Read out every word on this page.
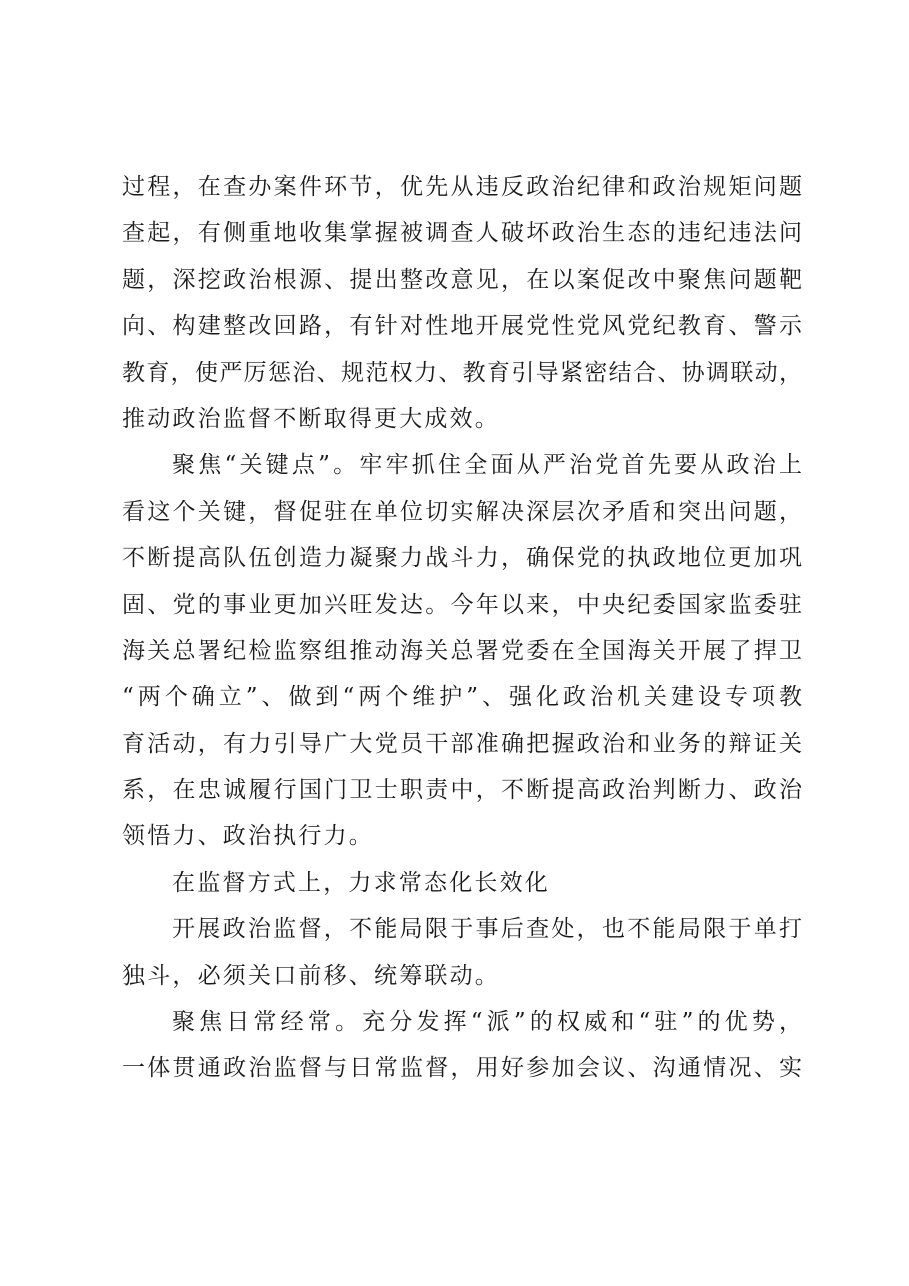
过程，在查办案件环节，优先从违反政治纪律和政治规矩问题
查起，有侧重地收集掌握被调查人破坏政治生态的违纪违法问
题，深挖政治根源、提出整改意见，在以案促改中聚焦问题靶
向、构建整改回路，有针对性地开展党性党风党纪教育、警示
教育，使严厉惩治、规范权力、教育引导紧密结合、协调联动，
推动政治监督不断取得更大成效。
聚焦“关键点”。牢牢抓住全面从严治党首先要从政治上
看这个关键，督促驻在单位切实解决深层次矛盾和突出问题，
不断提高队伍创造力凝聚力战斗力，确保党的执政地位更加巩
固、党的事业更加兴旺发达。今年以来，中央纪委国家监委驻
海关总署纪检监察组推动海关总署党委在全国海关开展了捍卫
“两个确立”、做到“两个维护”、强化政治机关建设专项教
育活动，有力引导广大党员干部准确把握政治和业务的辩证关
系，在忠诚履行国门卫士职责中，不断提高政治判断力、政治
领悟力、政治执行力。
在监督方式上，力求常态化长效化
开展政治监督，不能局限于事后查处，也不能局限于单打
独斗，必须关口前移、统筹联动。
聚焦日常经常。充分发挥“派”的权威和“驻”的优势，
一体贯通政治监督与日常监督，用好参加会议、沟通情况、实
